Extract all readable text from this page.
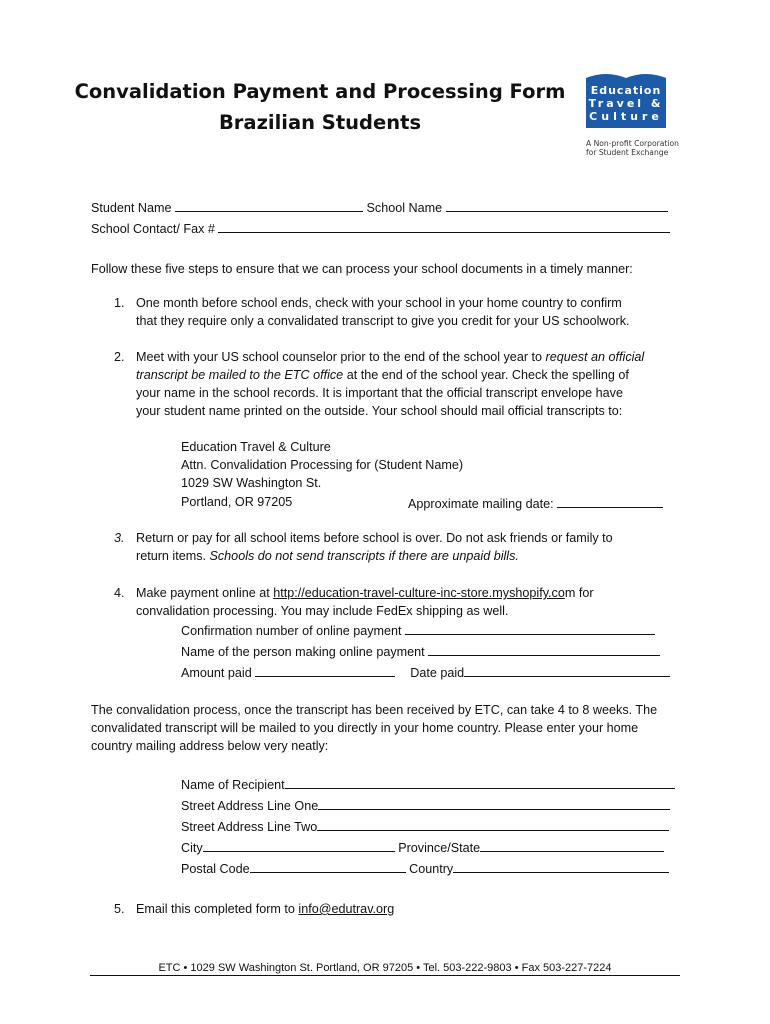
Convalidation Payment and Processing Form
Brazilian Students
Education
Travel &
Culture
A Non-profit Corporation
for Student Exchange
Student Name	School Name
School Contact/ Fax #
Follow these five steps to ensure that we can process your school documents in a timely manner:
1. One month before school ends, check with your school in your home country to confirm
that they require only a convalidated transcript to give you credit for your US schoolwork.
2. Meet with your US school counselor prior to the end of the school year to request an official
transcript be mailed to the ETC office at the end of the school year. Check the spelling of
your name in the school records. It is important that the official transcript envelope have
your student name printed on the outside. Your school should mail official transcripts to:
Education Travel & Culture
Attn. Convalidation Processing for (Student Name)
1029 SW Washington St.
Portland, OR 97205	Approximate mailing date:
3. Return or pay for all school items before school is over. Do not ask friends or family to
return items. Schools do not send transcripts if there are unpaid bills.
4. Make payment online at http://education-travel-culture-inc-store.myshopify.com for
convalidation processing. You may include FedEx shipping as well.
Confirmation number of online payment
Name of the person making online payment
Amount paid	Date paid
The convalidation process, once the transcript has been received by ETC, can take 4 to 8 weeks. The
convalidated transcript will be mailed to you directly in your home country. Please enter your home
country mailing address below very neatly:
Name of Recipient
Street Address Line One
Street Address Line Two
City	Province/State
Postal Code	Country
5. Email this completed form to info@edutrav.org
ETC • 1029 SW Washington St. Portland, OR 97205 • Tel. 503-222-9803 • Fax 503-227-7224
